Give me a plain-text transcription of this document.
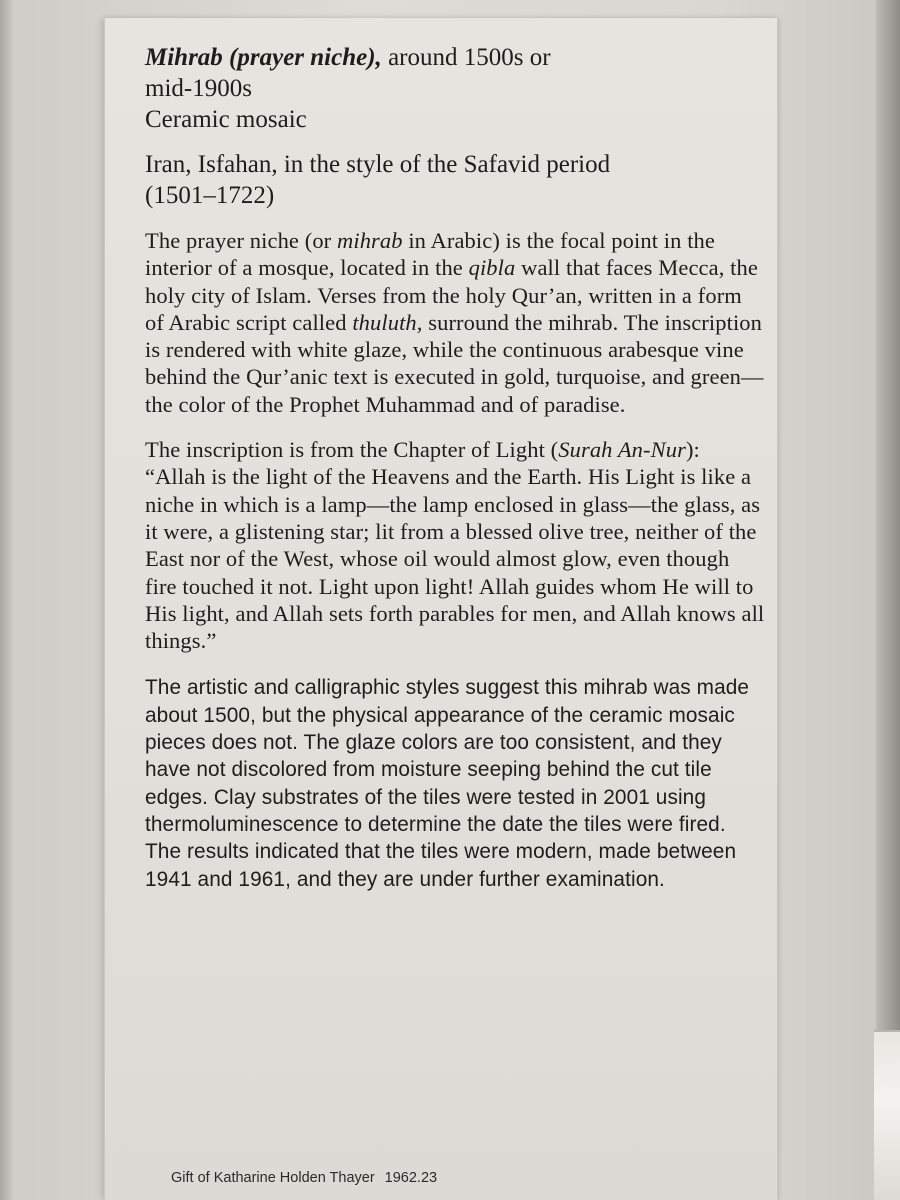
Mihrab (prayer niche), around 1500s or

mid-1900s

Ceramic mosaic

Iran, Isfahan, in the style of the Safavid period
(1501–1722)

The prayer niche (or mihrab in Arabic) is the focal point in the interior of a mosque, located in the qibla wall that faces Mecca, the holy city of Islam. Verses from the holy Qur’an, written in a form of Arabic script called thuluth, surround the mihrab. The inscription is rendered with white glaze, while the continuous arabesque vine behind the Qur’anic text is executed in gold, turquoise, and green—the color of the Prophet Muhammad and of paradise.

The inscription is from the Chapter of Light (Surah An-Nur): “Allah is the light of the Heavens and the Earth. His Light is like a niche in which is a lamp—the lamp enclosed in glass—the glass, as it were, a glistening star; lit from a blessed olive tree, neither of the East nor of the West, whose oil would almost glow, even though fire touched it not. Light upon light! Allah guides whom He will to His light, and Allah sets forth parables for men, and Allah knows all things.”

The artistic and calligraphic styles suggest this mihrab was made about 1500, but the physical appearance of the ceramic mosaic pieces does not. The glaze colors are too consistent, and they have not discolored from moisture seeping behind the cut tile edges. Clay substrates of the tiles were tested in 2001 using thermoluminescence to determine the date the tiles were fired. The results indicated that the tiles were modern, made between 1941 and 1961, and they are under further examination.

Gift of Katharine Holden Thayer 1962.23
